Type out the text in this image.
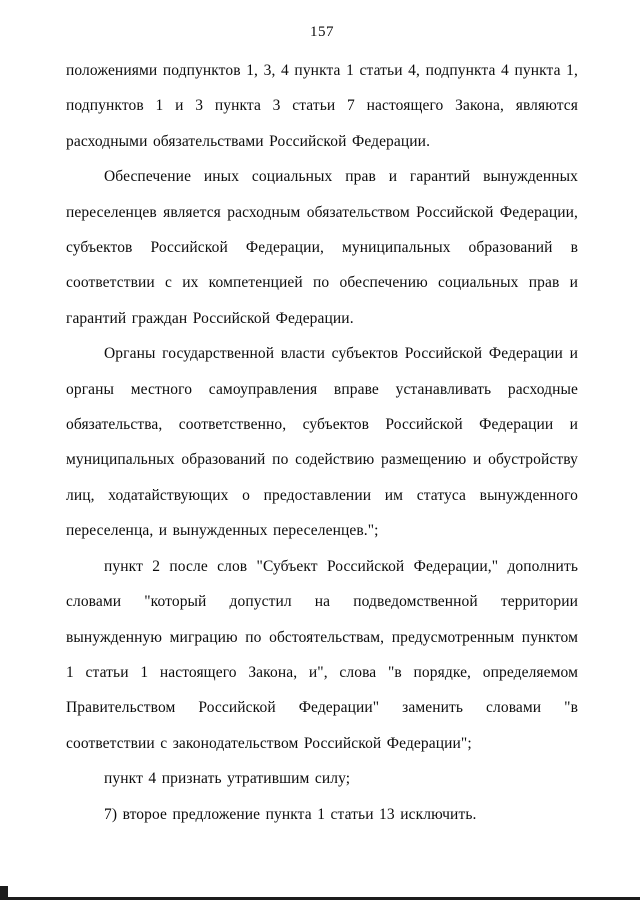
157

положениями подпунктов 1, 3, 4 пункта 1 статьи 4, подпункта 4 пункта 1, подпунктов 1 и 3 пункта 3 статьи 7 настоящего Закона, являются расходными обязательствами Российской Федерации.

Обеспечение иных социальных прав и гарантий вынужденных переселенцев является расходным обязательством Российской Федерации, субъектов Российской Федерации, муниципальных образований в соответствии с их компетенцией по обеспечению социальных прав и гарантий граждан Российской Федерации.

Органы государственной власти субъектов Российской Федерации и органы местного самоуправления вправе устанавливать расходные обязательства, соответственно, субъектов Российской Федерации и муниципальных образований по содействию размещению и обустройству лиц, ходатайствующих о предоставлении им статуса вынужденного переселенца, и вынужденных переселенцев.";

пункт 2 после слов "Субъект Российской Федерации," дополнить словами "который допустил на подведомственной территории вынужденную миграцию по обстоятельствам, предусмотренным пунктом 1 статьи 1 настоящего Закона, и", слова "в порядке, определяемом Правительством Российской Федерации" заменить словами "в соответствии с законодательством Российской Федерации";

пункт 4 признать утратившим силу;

7) второе предложение пункта 1 статьи 13 исключить.
